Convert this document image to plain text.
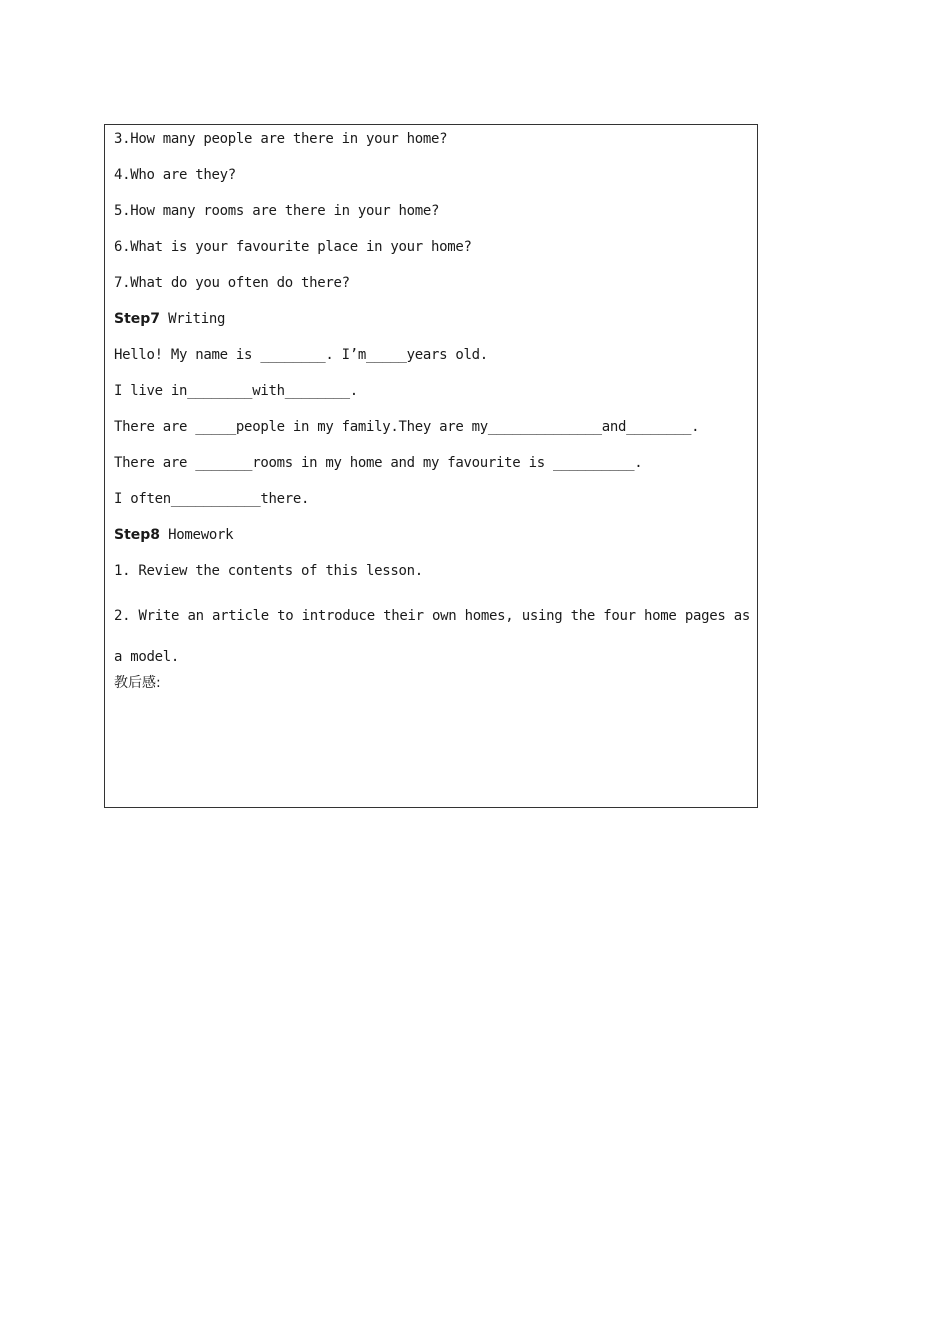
3.How many people are there in your home?
4.Who are they?
5.How many rooms are there in your home?
6.What is your favourite place in your home?
7.What do you often do there?
Step7 Writing
Hello! My name is ________. I’m_____years old.
I live in________with________.
There are _____people in my family.They are my______________and________.
There are _______rooms in my home and my favourite is __________.
I often___________there.
Step8 Homework
1. Review the contents of this lesson.
2. Write an article to introduce their own homes, using the four home pages as a model.
教后感:
